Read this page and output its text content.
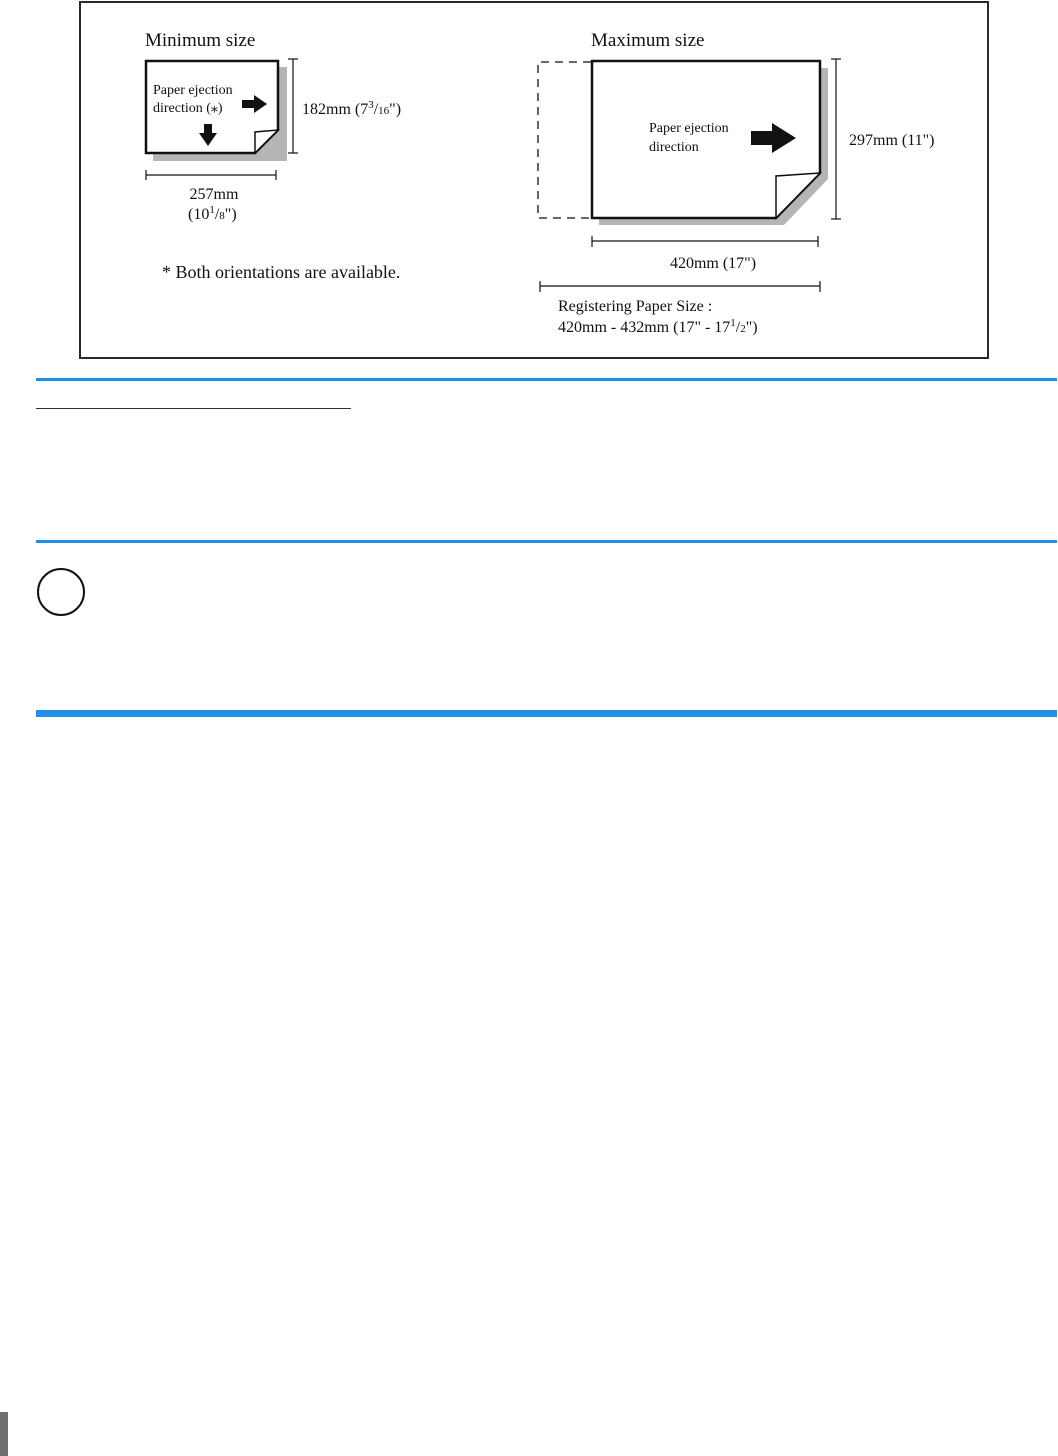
Minimum size
Paper ejection direction (⁎)	182mm $(7^3/16")$
257mm
$(10^1/8")$
* Both orientations are available.
Maximum size
Paper ejection direction	297mm (11")
420mm (17")
Registering Paper Size :
420mm - 432mm (17" - $17^1/2$")
